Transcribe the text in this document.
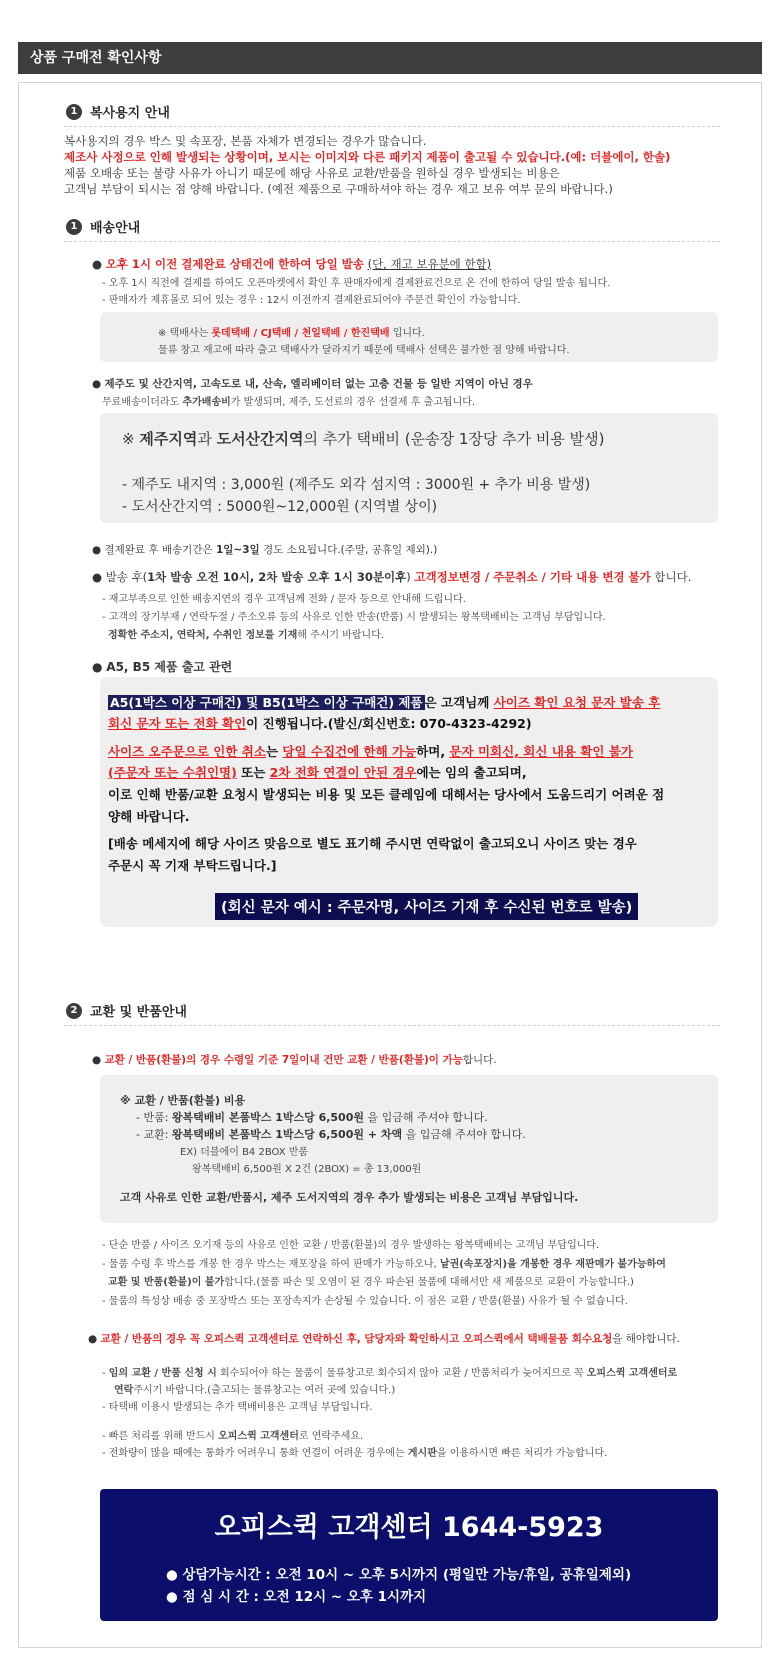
상품 구매전 확인사항
1 복사용지 안내
복사용지의 경우 박스 및 속포장, 본품 자체가 변경되는 경우가 많습니다.
제조사 사정으로 인해 발생되는 상황이며, 보시는 이미지와 다른 패키지 제품이 출고될 수 있습니다.(예: 더블에이, 한솔)
제품 오배송 또는 불량 사유가 아니기 때문에 해당 사유로 교환/반품을 원하실 경우 발생되는 비용은
고객님 부담이 되시는 점 양해 바랍니다. (예전 제품으로 구매하셔야 하는 경우 재고 보유 여부 문의 바랍니다.)
1 배송안내
● 오후 1시 이전 결제완료 상태건에 한하여 당일 발송 (단, 재고 보유분에 한함)
- 오후 1시 직전에 결제를 하여도 오픈마켓에서 확인 후 판매자에게 결제완료건으로 온 건에 한하여 당일 발송 됩니다.
- 판매자가 제휴몰로 되어 있는 경우 : 12시 이전까지 결제완료되어야 주문건 확인이 가능합니다.
※ 택배사는 롯데택배 / CJ택배 / 천일택배 / 한진택배 입니다.
물류 창고 재고에 따라 출고 택배사가 달라지기 때문에 택배사 선택은 불가한 점 양해 바랍니다.
● 제주도 및 산간지역, 고속도로 내, 산속, 엘리베이터 없는 고층 건물 등 일반 지역이 아닌 경우
무료배송이더라도 추가배송비가 발생되며, 제주, 도선료의 경우 선결제 후 출고됩니다.
※ 제주지역과 도서산간지역의 추가 택배비 (운송장 1장당 추가 비용 발생)
- 제주도 내지역 : 3,000원 (제주도 외각 섬지역 : 3000원 + 추가 비용 발생)
- 도서산간지역 : 5000원~12,000원 (지역별 상이)
● 결제완료 후 배송기간은 1일~3일 경도 소요됩니다.(주말, 공휴일 제외).)
● 발송 후(1차 발송 오전 10시, 2차 발송 오후 1시 30분이후) 고객정보변경 / 주문취소 / 기타 내용 변경 불가 합니다.
- 재고부족으로 인한 배송지연의 경우 고객님께 전화 / 문자 등으로 안내해 드립니다.
- 고객의 장기부재 / 연락두절 / 주소오류 등의 사유로 인한 반송(반품) 시 발생되는 왕복택배비는 고객님 부담입니다.
정확한 주소지, 연락처, 수취인 정보를 기재해 주시기 바랍니다.
● A5, B5 제품 출고 관련
A5(1박스 이상 구매건) 및 B5(1박스 이상 구매건) 제품 은 고객님께 사이즈 확인 요청 문자 발송 후
회신 문자 또는 전화 확인이 진행됩니다.(발신/회신번호: 070-4323-4292)
사이즈 오주문으로 인한 취소는 당일 수집건에 한해 가능하며, 문자 미회신, 회신 내용 확인 불가
(주문자 또는 수취인명) 또는 2차 전화 연결이 안된 경우에는 임의 출고되며,
이로 인해 반품/교환 요청시 발생되는 비용 및 모든 클레임에 대해서는 당사에서 도움드리기 어려운 점
양해 바랍니다.
[배송 메세지에 해당 사이즈 맞음으로 별도 표기해 주시면 연락없이 출고되오니 사이즈 맞는 경우
주문시 꼭 기재 부탁드립니다.]
(회신 문자 예시 : 주문자명, 사이즈 기재 후 수신된 번호로 발송)
2 교환 및 반품안내
● 교환 / 반품(환불)의 경우 수령일 기준 7일이내 건만 교환 / 반품(환불)이 가능합니다.
※ 교환 / 반품(환불) 비용
- 반품: 왕복택배비 본품박스 1박스당 6,500원 을 입금해 주셔야 합니다.
- 교환: 왕복택배비 본품박스 1박스당 6,500원 + 차액 을 입금해 주셔야 합니다.
EX) 더블에이 B4 2BOX 반품
왕복택배비 6,500원 X 2건 (2BOX) = 총 13,000원
고객 사유로 인한 교환/반품시, 제주 도서지역의 경우 추가 발생되는 비용은 고객님 부담입니다.
- 단순 반품 / 사이즈 오기재 등의 사유로 인한 교환 / 반품(환불)의 경우 발생하는 왕복택배비는 고객님 부담입니다.
- 물품 수령 후 박스를 개봉 한 경우 박스는 재포장을 하여 판매가 가능하오나, 낱권(속포장지)을 개봉한 경우 재판매가 불가능하여
교환 및 반품(환불)이 불가합니다.(물품 파손 및 오염이 된 경우 파손된 물품에 대해서만 새 제품으로 교환이 가능합니다.)
- 물품의 특성상 배송 중 포장박스 또는 포장속지가 손상될 수 있습니다. 이 점은 교환 / 반품(환불) 사유가 될 수 없습니다.
● 교환 / 반품의 경우 꼭 오피스퀵 고객센터로 연락하신 후, 담당자와 확인하시고 오피스퀵에서 택배물품 회수요청을 해야합니다.
- 임의 교환 / 반품 신청 시 회수되어야 하는 물품이 물류창고로 회수되지 않아 교환 / 반품처리가 늦어지므로 꼭 오피스퀵 고객센터로
연락주시기 바랍니다.(출고되는 물류창고는 여러 곳에 있습니다.)
- 타택배 이용시 발생되는 추가 택배비용은 고객님 부담입니다.
- 빠른 처리를 위해 반드시 오피스퀵 고객센터로 연락주세요.
- 전화량이 많을 때에는 통화가 어려우니 통화 연결이 어려운 경우에는 게시판을 이용하시면 빠른 처리가 가능합니다.
오피스퀵 고객센터 1644-5923
● 상담가능시간 : 오전 10시 ~ 오후 5시까지 (평일만 가능/휴일, 공휴일제외)
● 점 심 시 간 : 오전 12시 ~ 오후 1시까지
